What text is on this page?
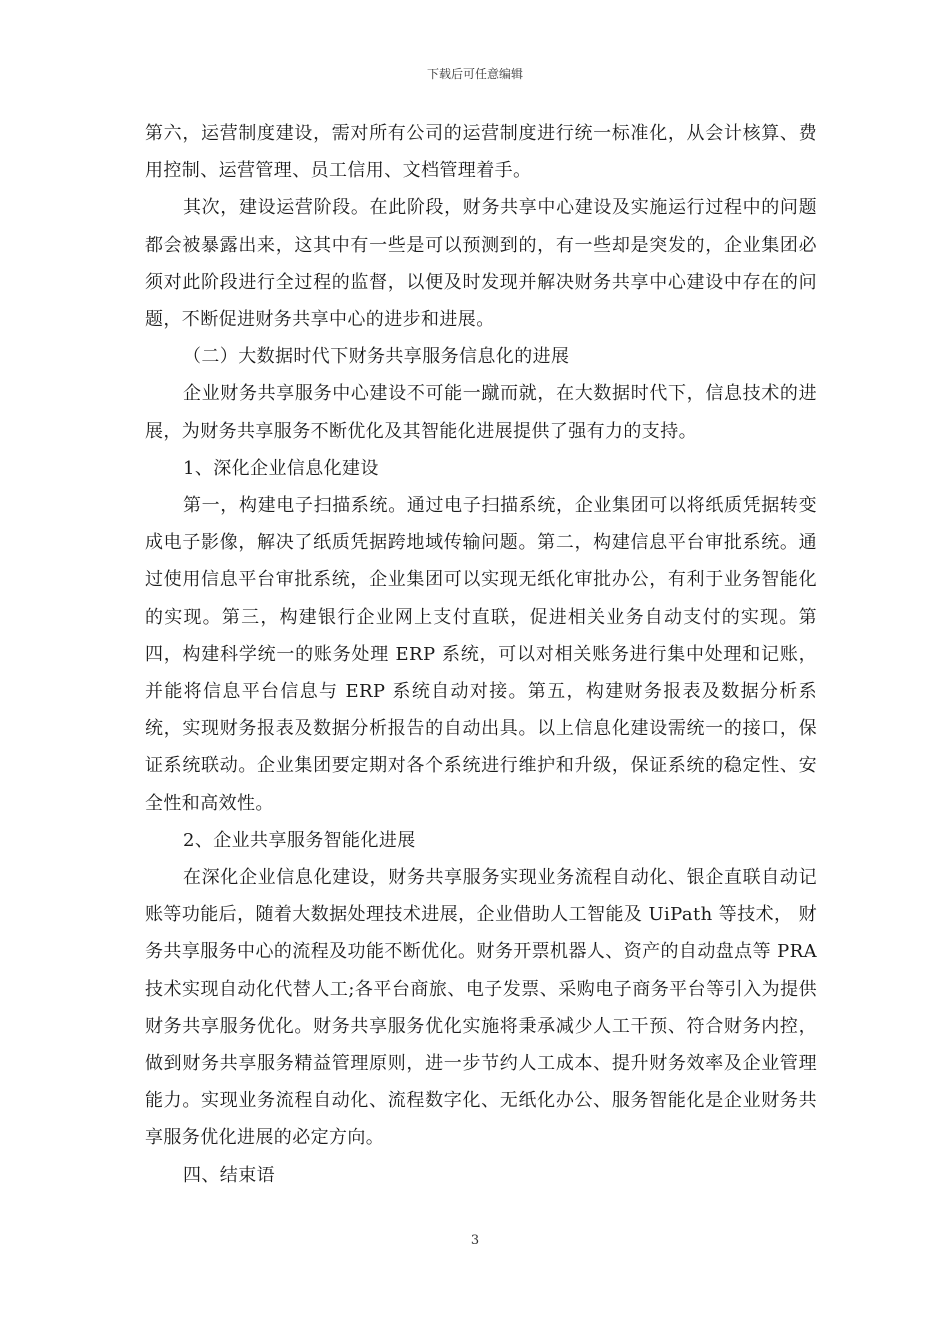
下载后可任意编辑

第六，运营制度建设，需对所有公司的运营制度进行统一标准化，从会计核算、费用控制、运营管理、员工信用、文档管理着手。

其次，建设运营阶段。在此阶段，财务共享中心建设及实施运行过程中的问题都会被暴露出来，这其中有一些是可以预测到的，有一些却是突发的，企业集团必须对此阶段进行全过程的监督，以便及时发现并解决财务共享中心建设中存在的问题，不断促进财务共享中心的进步和进展。

（二）大数据时代下财务共享服务信息化的进展

企业财务共享服务中心建设不可能一蹴而就，在大数据时代下，信息技术的进展，为财务共享服务不断优化及其智能化进展提供了强有力的支持。

1、深化企业信息化建设

第一，构建电子扫描系统。通过电子扫描系统，企业集团可以将纸质凭据转变成电子影像，解决了纸质凭据跨地域传输问题。第二，构建信息平台审批系统。通过使用信息平台审批系统，企业集团可以实现无纸化审批办公，有利于业务智能化的实现。第三，构建银行企业网上支付直联，促进相关业务自动支付的实现。第四，构建科学统一的账务处理 ERP 系统，可以对相关账务进行集中处理和记账，并能将信息平台信息与 ERP 系统自动对接。第五，构建财务报表及数据分析系统，实现财务报表及数据分析报告的自动出具。以上信息化建设需统一的接口，保证系统联动。企业集团要定期对各个系统进行维护和升级，保证系统的稳定性、安全性和高效性。

2、企业共享服务智能化进展

在深化企业信息化建设，财务共享服务实现业务流程自动化、银企直联自动记账等功能后，随着大数据处理技术进展，企业借助人工智能及 UiPath 等技术， 财务共享服务中心的流程及功能不断优化。财务开票机器人、资产的自动盘点等 PRA 技术实现自动化代替人工;各平台商旅、电子发票、采购电子商务平台等引入为提供财务共享服务优化。财务共享服务优化实施将秉承减少人工干预、符合财务内控，做到财务共享服务精益管理原则，进一步节约人工成本、提升财务效率及企业管理能力。实现业务流程自动化、流程数字化、无纸化办公、服务智能化是企业财务共享服务优化进展的必定方向。

四、结束语

3
